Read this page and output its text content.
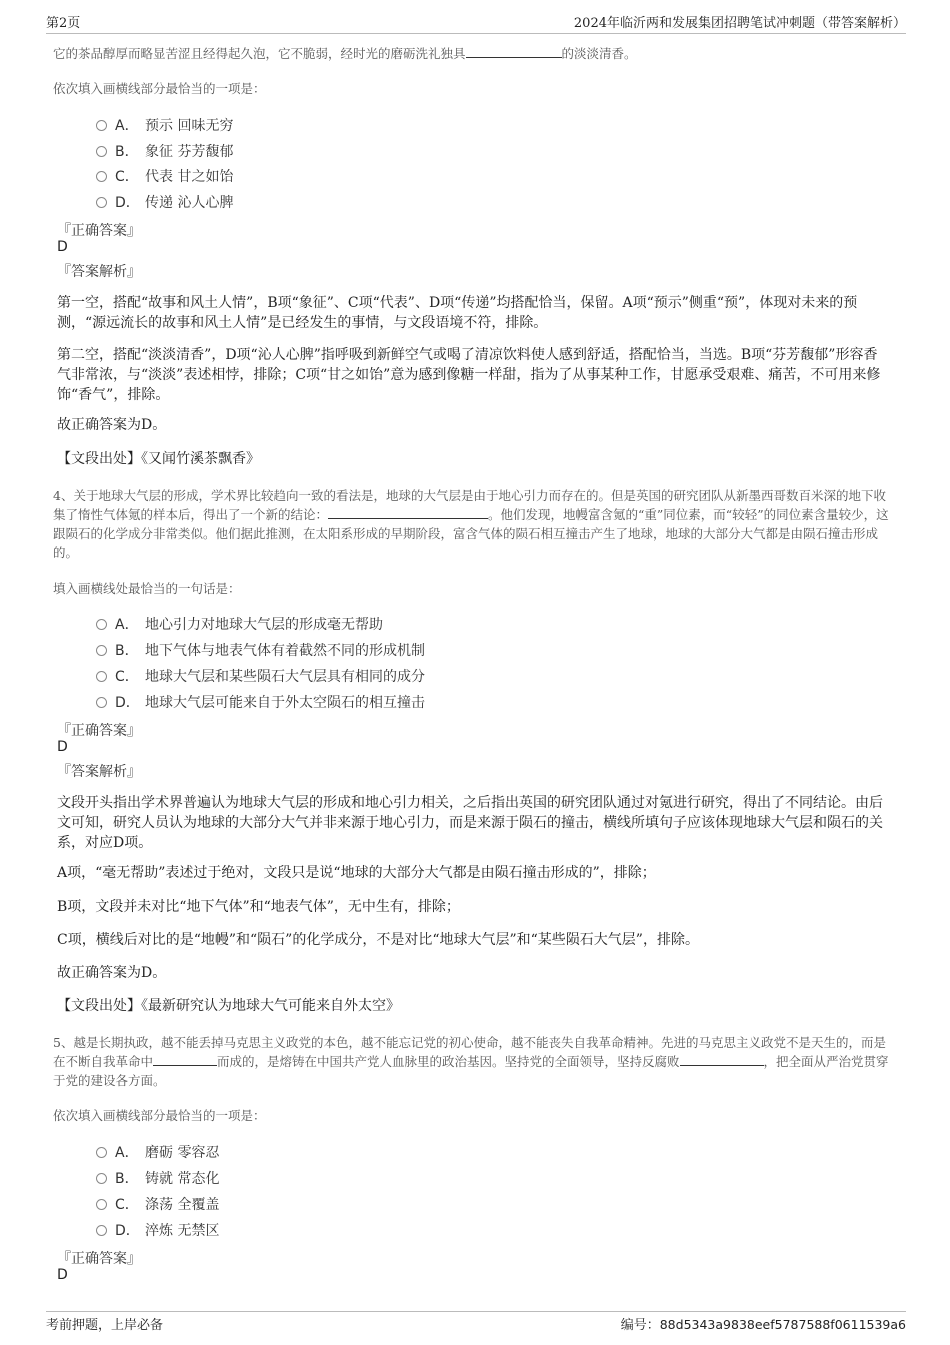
第2页	2024年临沂两和发展集团招聘笔试冲刺题（带答案解析）
它的茶品醇厚而略显苦涩且经得起久泡，它不脆弱，经时光的磨砺洗礼独具	的淡淡清香。
依次填入画横线部分最恰当的一项是：
A． 预示 回味无穷
B． 象征 芬芳馥郁
C． 代表 甘之如饴
D． 传递 沁人心脾
『正确答案』
D
『答案解析』
第一空，搭配“故事和风土人情”，B项“象征”、C项“代表”、D项“传递”均搭配恰当，保留。A项“预示”侧重“预”，体现对未来的预测，“源远流长的故事和风土人情”是已经发生的事情，与文段语境不符，排除。
第二空，搭配“淡淡清香”，D项“沁人心脾”指呼吸到新鲜空气或喝了清凉饮料使人感到舒适，搭配恰当，当选。B项“芬芳馥郁”形容香气非常浓，与“淡淡”表述相悖，排除；C项“甘之如饴”意为感到像糖一样甜，指为了从事某种工作，甘愿承受艰难、痛苦，不可用来修饰“香气”，排除。
故正确答案为D。
【文段出处】《又闻竹溪茶飘香》
4、关于地球大气层的形成，学术界比较趋向一致的看法是，地球的大气层是由于地心引力而存在的。但是英国的研究团队从新墨西哥数百米深的地下收集了惰性气体氪的样本后，得出了一个新的结论：	。他们发现，地幔富含氪的“重”同位素，而“较轻”的同位素含量较少，这跟陨石的化学成分非常类似。他们据此推测，在太阳系形成的早期阶段，富含气体的陨石相互撞击产生了地球，地球的大部分大气都是由陨石撞击形成的。
填入画横线处最恰当的一句话是：
A． 地心引力对地球大气层的形成毫无帮助
B． 地下气体与地表气体有着截然不同的形成机制
C． 地球大气层和某些陨石大气层具有相同的成分
D． 地球大气层可能来自于外太空陨石的相互撞击
『正确答案』
D
『答案解析』
文段开头指出学术界普遍认为地球大气层的形成和地心引力相关，之后指出英国的研究团队通过对氪进行研究，得出了不同结论。由后文可知，研究人员认为地球的大部分大气并非来源于地心引力，而是来源于陨石的撞击，横线所填句子应该体现地球大气层和陨石的关系，对应D项。
A项，“毫无帮助”表述过于绝对，文段只是说“地球的大部分大气都是由陨石撞击形成的”，排除；
B项，文段并未对比“地下气体”和“地表气体”，无中生有，排除；
C项，横线后对比的是“地幔”和“陨石”的化学成分，不是对比“地球大气层”和“某些陨石大气层”，排除。
故正确答案为D。
【文段出处】《最新研究认为地球大气可能来自外太空》
5、越是长期执政，越不能丢掉马克思主义政党的本色，越不能忘记党的初心使命，越不能丧失自我革命精神。先进的马克思主义政党不是天生的，而是在不断自我革命中	而成的，是熔铸在中国共产党人血脉里的政治基因。坚持党的全面领导，坚持反腐败	，把全面从严治党贯穿于党的建设各方面。
依次填入画横线部分最恰当的一项是：
A． 磨砺 零容忍
B． 铸就 常态化
C． 涤荡 全覆盖
D． 淬炼 无禁区
『正确答案』
D
考前押题，上岸必备	编号：88d5343a9838eef5787588f0611539a6
